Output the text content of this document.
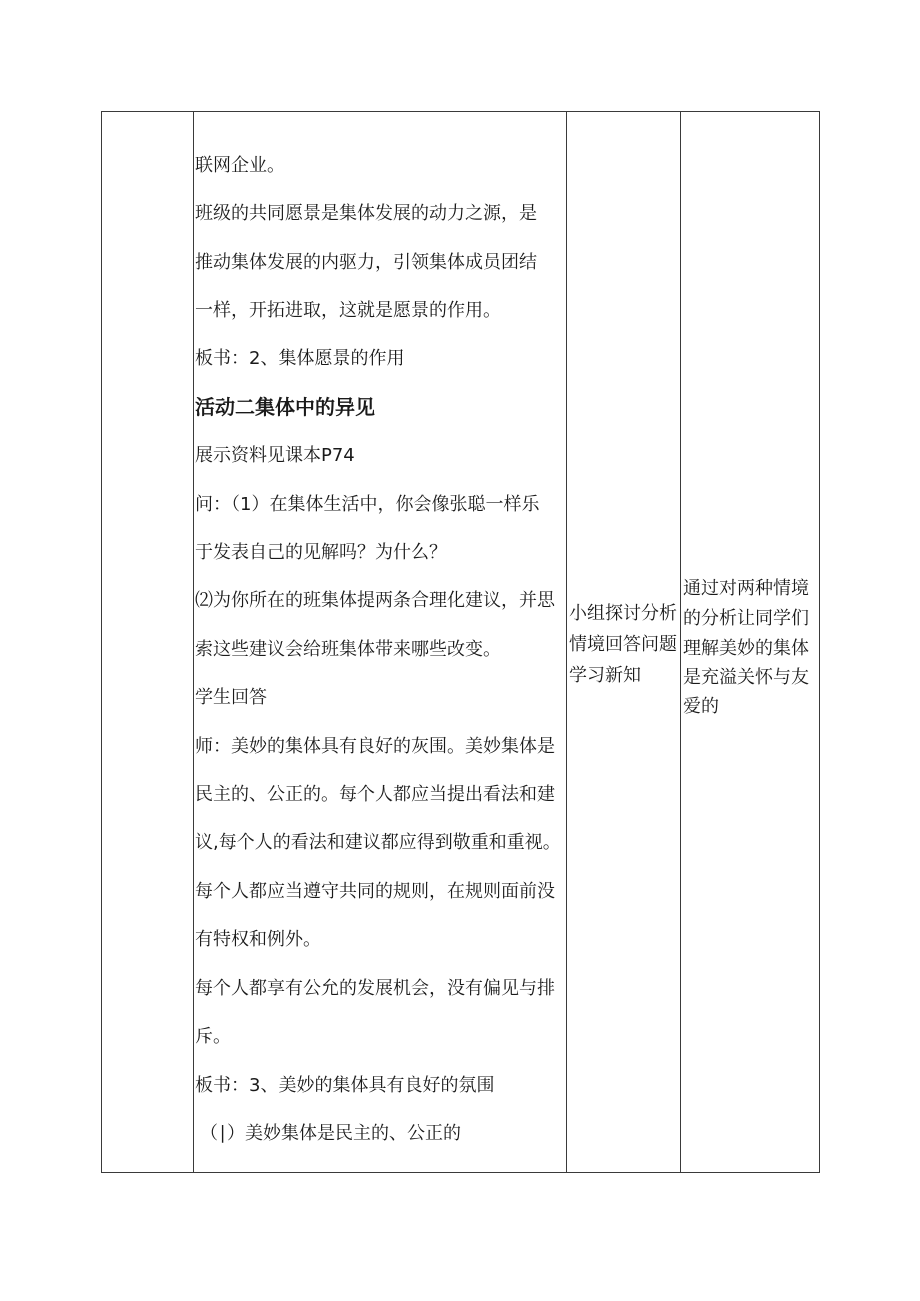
联网企业。
班级的共同愿景是集体发展的动力之源，是
推动集体发展的内驱力，引领集体成员团结
一样，开拓进取，这就是愿景的作用。
板书：2、集体愿景的作用
活动二集体中的异见
展示资料见课本P74
问：（1）在集体生活中，你会像张聪一样乐
于发表自己的见解吗？为什么？
⑵为你所在的班集体提两条合理化建议，并思
索这些建议会给班集体带来哪些改变。
学生回答
师：美妙的集体具有良好的灰围。美妙集体是
民主的、公正的。每个人都应当提出看法和建
议,每个人的看法和建议都应得到敬重和重视。
每个人都应当遵守共同的规则，在规则面前没
有特权和例外。
每个人都享有公允的发展机会，没有偏见与排
斥。
板书：3、美妙的集体具有良好的氛围
（∣）美妙集体是民主的、公正的
小组探讨分析
情境回答问题
学习新知
通过对两种情境
的分析让同学们
理解美妙的集体
是充溢关怀与友
爱的
